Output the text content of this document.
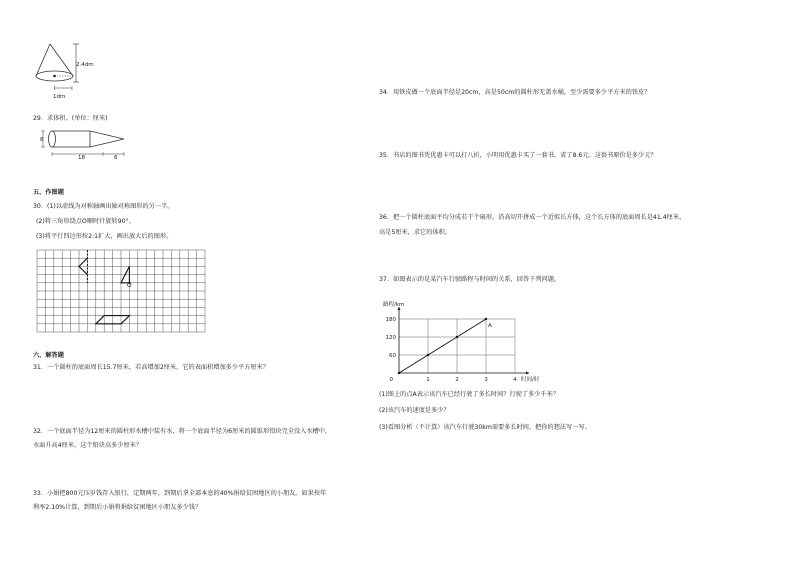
2.4dm
1dm
29．求体积。(单位：厘米)
8
18	6
五、作图题
30．(1)以虚线为对称轴画出轴对称图形的另一半。
(2)将三角形绕点O顺时针旋转90°。
(3)将平行四边形按2:1扩大，画出放大后的图形。
O
六、解答题
31．一个圆柱的底面周长15.7厘米，若高增加2厘米，它的表面积增加多少平方厘米？
32．一个底面半径为12厘米的圆柱形水槽中装有水，将一个底面半径为6厘米的圆锥形铅块完全没入水槽中，
水面升高4厘米，这个铅块高多少厘米？
33．小娟把800元压岁钱存入银行，定期两年，到期后拿全部本息的40%捐给贫困地区的小朋友。如果按年
利率2.10%计算，到期后小娟将捐给贫困地区小朋友多少钱？
34．用铁皮做一个底面半径是20cm，高是50cm的圆柱形无盖水桶，至少需要多少平方米的铁皮？
35．书店的图书凭优惠卡可以打八折，小明用优惠卡买了一套书，省了8.6元。这套书原价是多少元？
36．把一个圆柱底面平均分成若干个扇形，沿高切开拼成一个近似长方体，这个长方体的底面周长是41.4厘米，
高是5厘米，求它的体积。
37．如图表示的是某汽车行驶路程与时间的关系，回答下列问题。
1	2	3	4
60
120
180
0
路程/km
时间/时
A
(1)图上的点A表示该汽车已经行驶了多长时间？行驶了多少千米？
(2)该汽车的速度是多少？
(3)看图分析（不计算）该汽车行驶30km需要多长时间，把你的想法写一写。
